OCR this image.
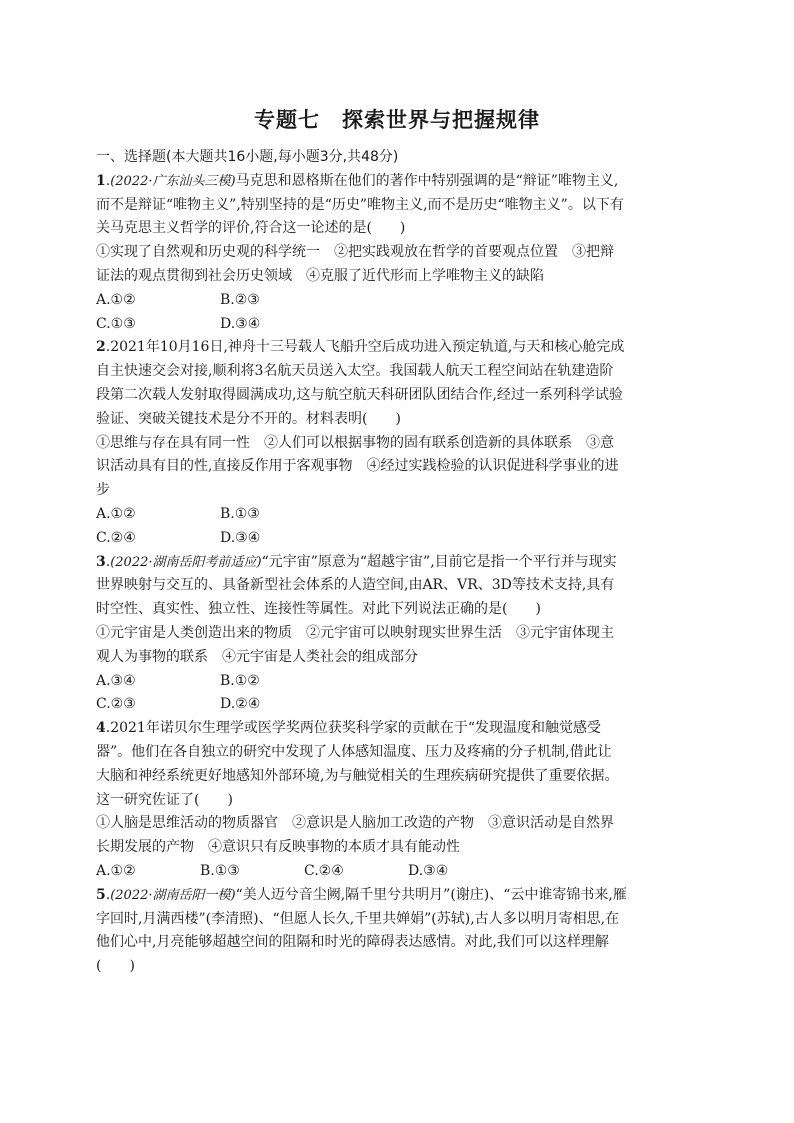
专题七　探索世界与把握规律

一、选择题(本大题共16小题,每小题3分,共48分)

1.(2022·广东汕头三模)马克思和恩格斯在他们的著作中特别强调的是“辩证”唯物主义,

而不是辩证“唯物主义”,特别坚持的是“历史”唯物主义,而不是历史“唯物主义”。以下有

关马克思主义哲学的评价,符合这一论述的是(　　)

①实现了自然观和历史观的科学统一　②把实践观放在哲学的首要观点位置　③把辩

证法的观点贯彻到社会历史领域　④克服了近代形而上学唯物主义的缺陷

A.①②	B.②③

C.①③	D.③④

2.2021年10月16日,神舟十三号载人飞船升空后成功进入预定轨道,与天和核心舱完成

自主快速交会对接,顺利将3名航天员送入太空。我国载人航天工程空间站在轨建造阶

段第二次载人发射取得圆满成功,这与航空航天科研团队团结合作,经过一系列科学试验

验证、突破关键技术是分不开的。材料表明(　　)

①思维与存在具有同一性　②人们可以根据事物的固有联系创造新的具体联系　③意

识活动具有目的性,直接反作用于客观事物　④经过实践检验的认识促进科学事业的进

步

A.①②	B.①③

C.②④	D.③④

3.(2022·湖南岳阳考前适应)“元宇宙”原意为“超越宇宙”,目前它是指一个平行并与现实

世界映射与交互的、具备新型社会体系的人造空间,由AR、VR、3D等技术支持,具有

时空性、真实性、独立性、连接性等属性。对此下列说法正确的是(　　)

①元宇宙是人类创造出来的物质　②元宇宙可以映射现实世界生活　③元宇宙体现主

观人为事物的联系　④元宇宙是人类社会的组成部分

A.③④	B.①②

C.②③	D.②④

4.2021年诺贝尔生理学或医学奖两位获奖科学家的贡献在于“发现温度和触觉感受

器”。他们在各自独立的研究中发现了人体感知温度、压力及疼痛的分子机制,借此让

大脑和神经系统更好地感知外部环境,为与触觉相关的生理疾病研究提供了重要依据。

这一研究佐证了(　　)

①人脑是思维活动的物质器官　②意识是人脑加工改造的产物　③意识活动是自然界

长期发展的产物　④意识只有反映事物的本质才具有能动性

A.①②	B.①③	C.②④	D.③④

5.(2022·湖南岳阳一模)“美人迈兮音尘阙,隔千里兮共明月”(谢庄)、“云中谁寄锦书来,雁

字回时,月满西楼”(李清照)、“但愿人长久,千里共婵娟”(苏轼),古人多以明月寄相思,在

他们心中,月亮能够超越空间的阻隔和时光的障碍表达感情。对此,我们可以这样理解

(　　)
